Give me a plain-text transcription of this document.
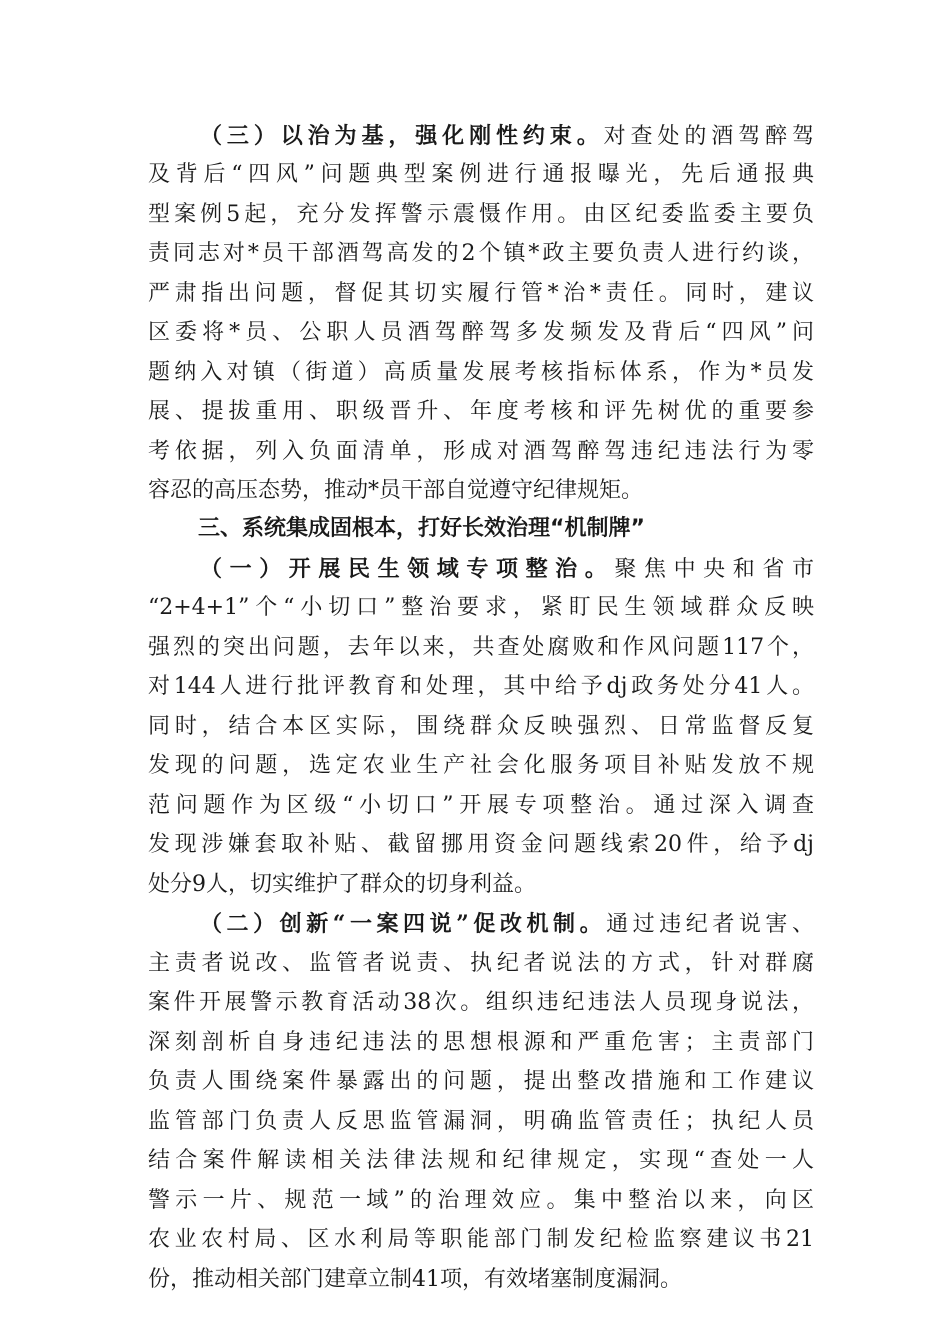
（三）以治为基，强化刚性约束。对查处的酒驾醉驾
及背后“四风”问题典型案例进行通报曝光，先后通报典
型案例5起，充分发挥警示震慑作用。由区纪委监委主要负
责同志对*员干部酒驾高发的2个镇*政主要负责人进行约谈，
严肃指出问题，督促其切实履行管*治*责任。同时，建议
区委将*员、公职人员酒驾醉驾多发频发及背后“四风”问
题纳入对镇（街道）高质量发展考核指标体系，作为*员发
展、提拔重用、职级晋升、年度考核和评先树优的重要参
考依据，列入负面清单，形成对酒驾醉驾违纪违法行为零
容忍的高压态势，推动*员干部自觉遵守纪律规矩。
三、系统集成固根本，打好长效治理“机制牌”
（一）开展民生领域专项整治。聚焦中央和省市
“2+4+1”个“小切口”整治要求，紧盯民生领域群众反映
强烈的突出问题，去年以来，共查处腐败和作风问题117个，
对144人进行批评教育和处理，其中给予dj政务处分41人。
同时，结合本区实际，围绕群众反映强烈、日常监督反复
发现的问题，选定农业生产社会化服务项目补贴发放不规
范问题作为区级“小切口”开展专项整治。通过深入调查
发现涉嫌套取补贴、截留挪用资金问题线索20件，给予dj
处分9人，切实维护了群众的切身利益。
（二）创新“一案四说”促改机制。通过违纪者说害、
主责者说改、监管者说责、执纪者说法的方式，针对群腐
案件开展警示教育活动38次。组织违纪违法人员现身说法，
深刻剖析自身违纪违法的思想根源和严重危害；主责部门
负责人围绕案件暴露出的问题，提出整改措施和工作建议
监管部门负责人反思监管漏洞，明确监管责任；执纪人员
结合案件解读相关法律法规和纪律规定，实现“查处一人
警示一片、规范一域”的治理效应。集中整治以来，向区
农业农村局、区水利局等职能部门制发纪检监察建议书21
份，推动相关部门建章立制41项，有效堵塞制度漏洞。
